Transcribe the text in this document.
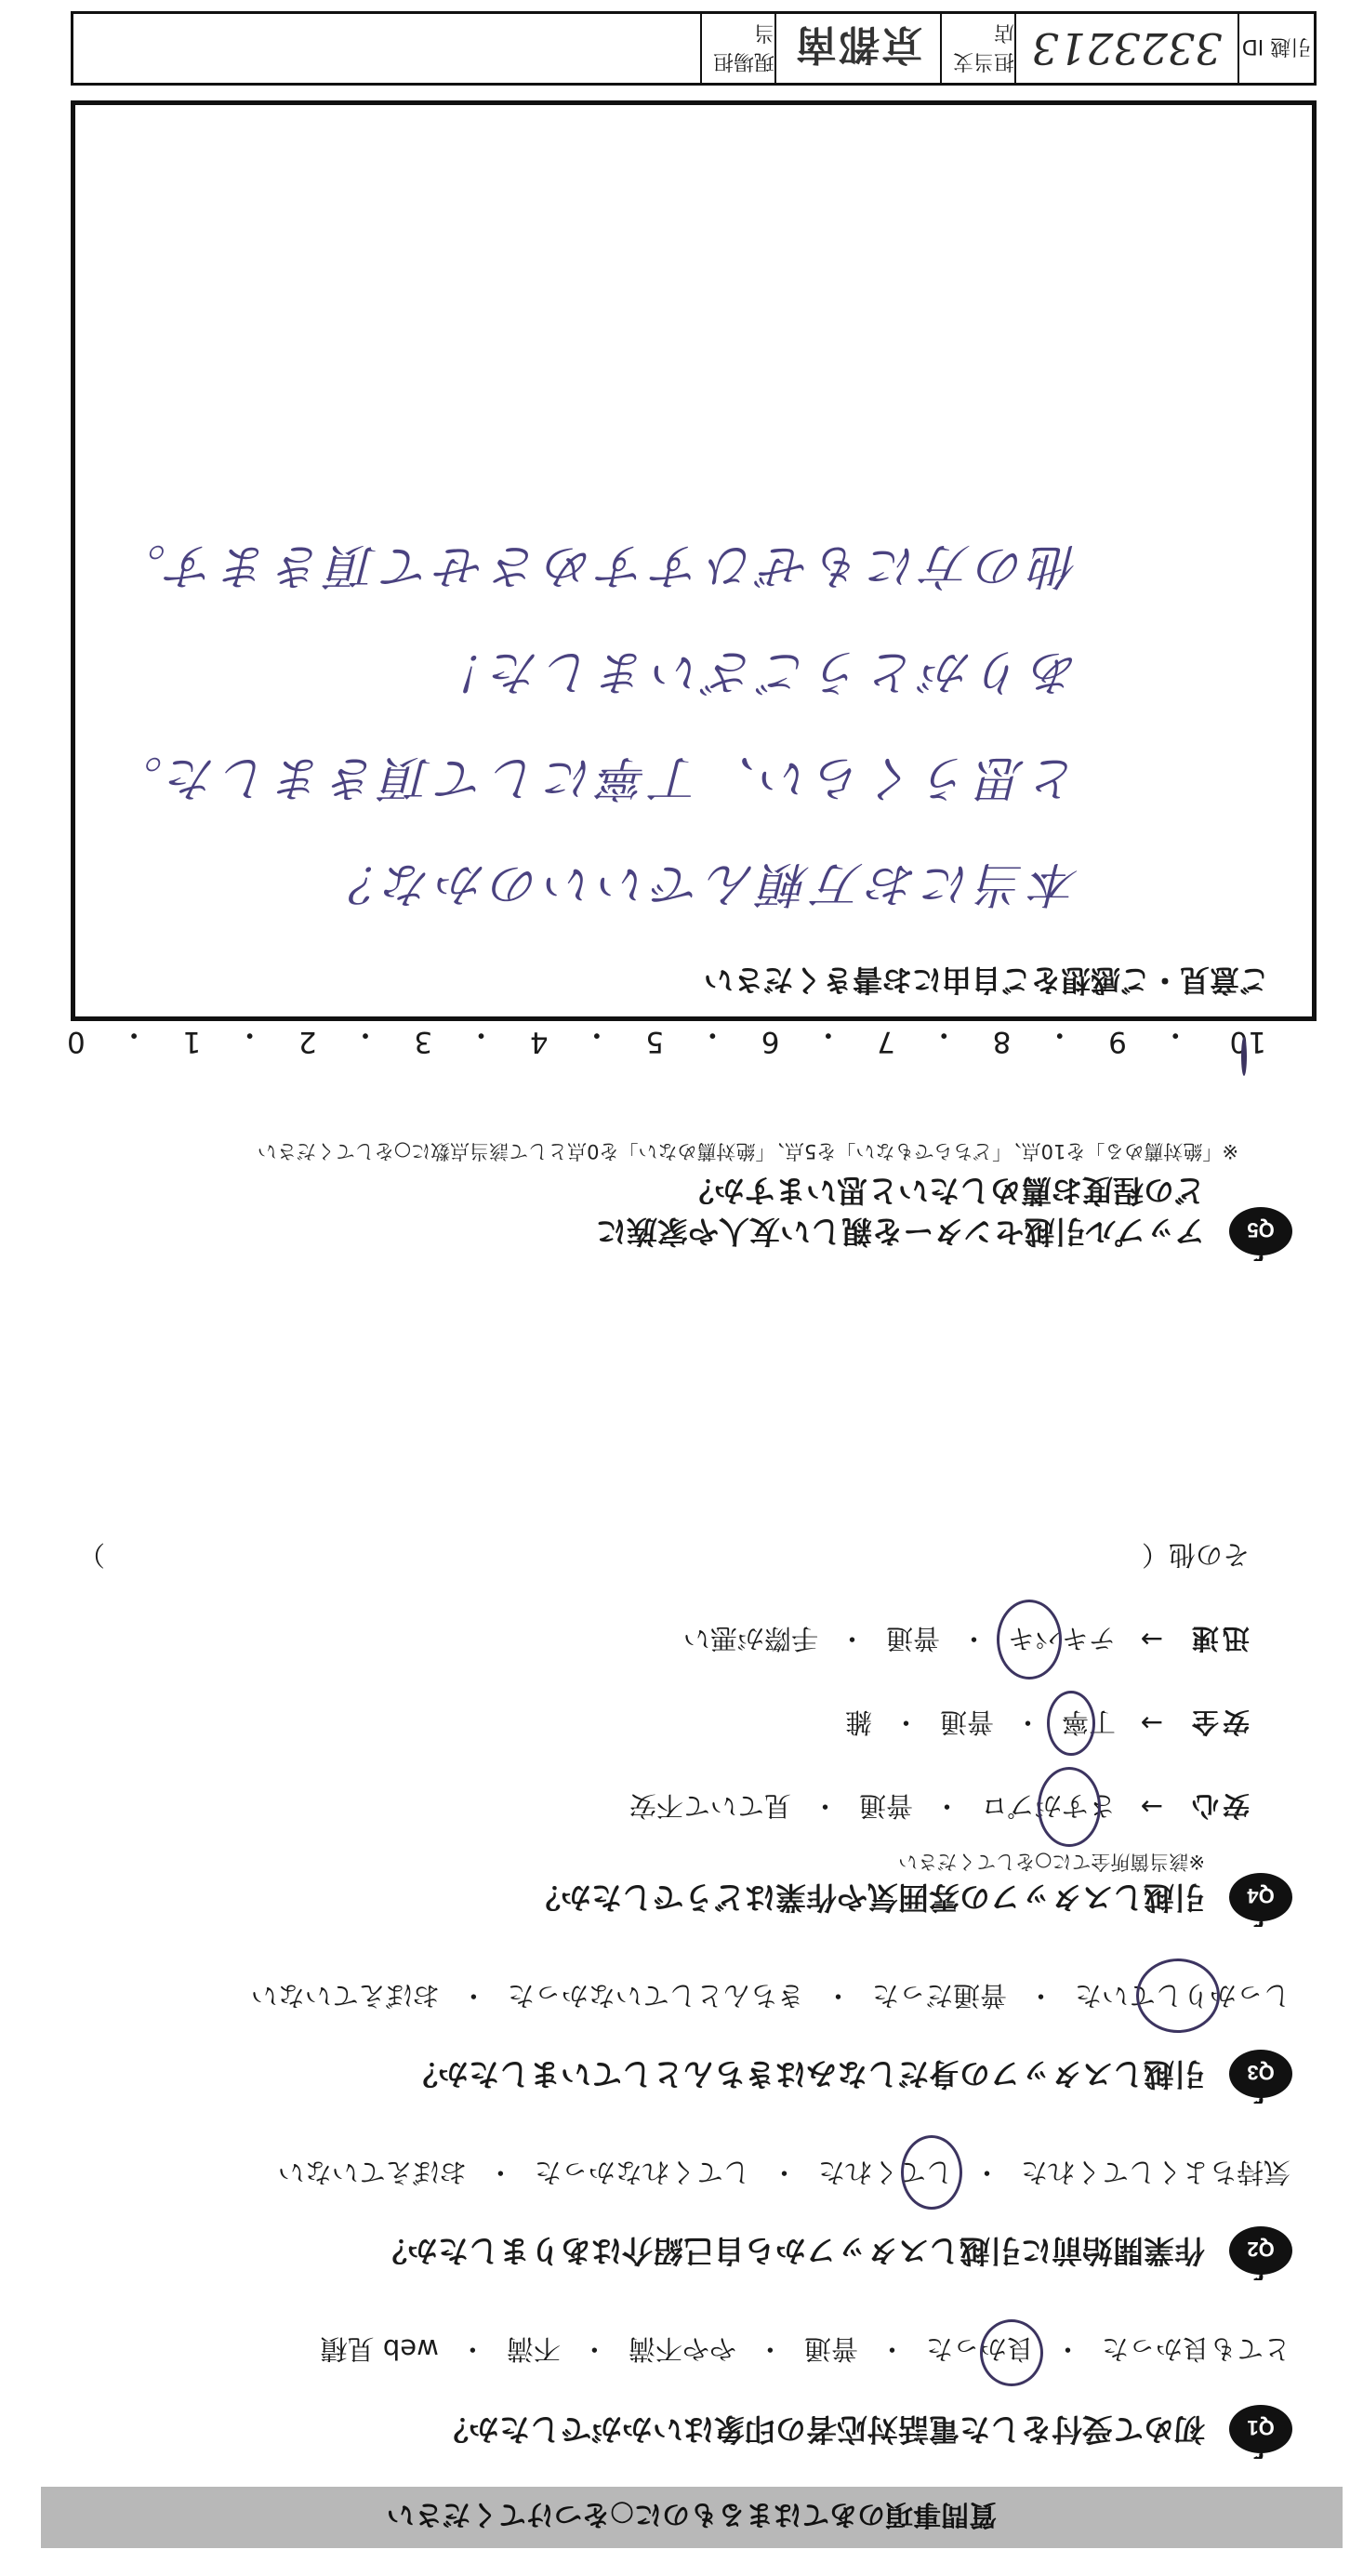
質問事項のあてはまるものに○をつけてください
Q1
初めて受付をした電話対応者の印象はいかがでしたか？
とても良かった
・
良かった
・
普通
・
やや不満
・
不満
・
web 見積
Q2
作業開始前に引越しスタッフから自己紹介はありましたか？
気持ちよくしてくれた
・
してくれた
・
してくれなかった
・
おぼえていない
Q3
引越しスタッフの身だしなみはきちんとしていましたか？
しっかりしていた
・
普通だった
・
きちんとしていなかった
・
おぼえていない
Q4
引越しスタッフの雰囲気や作業はどうでしたか？
※該当箇所全てに○をしてください
安心
→
さすがプロ
・
普通
・
見ていて不安
安全
→
丁寧
・
普通
・
雑
迅速
→
テキパキ
・
普通
・
手際が悪い
その他（
）
Q5
アップル引越センターを親しい友人や家族に
どの程度お薦めしたいと思いますか？
※「絶対薦める」を10点、「どちらでもない」を5点、「絶対薦めない」を0点として該当点数に○をしてください
10
・
9
・
8
・
7
・
6
・
5
・
4
・
3
・
2
・
1
・
0
ご意見・ご感想をご自由にお書きください
本当にお万頼んでいいのかな？
と思うくらい、丁寧にして頂きました。
ありがとうございました！
他の方にもぜひすすめさせて頂きます。
引越 ID
3323213
担当支店
京都南
現場担当
